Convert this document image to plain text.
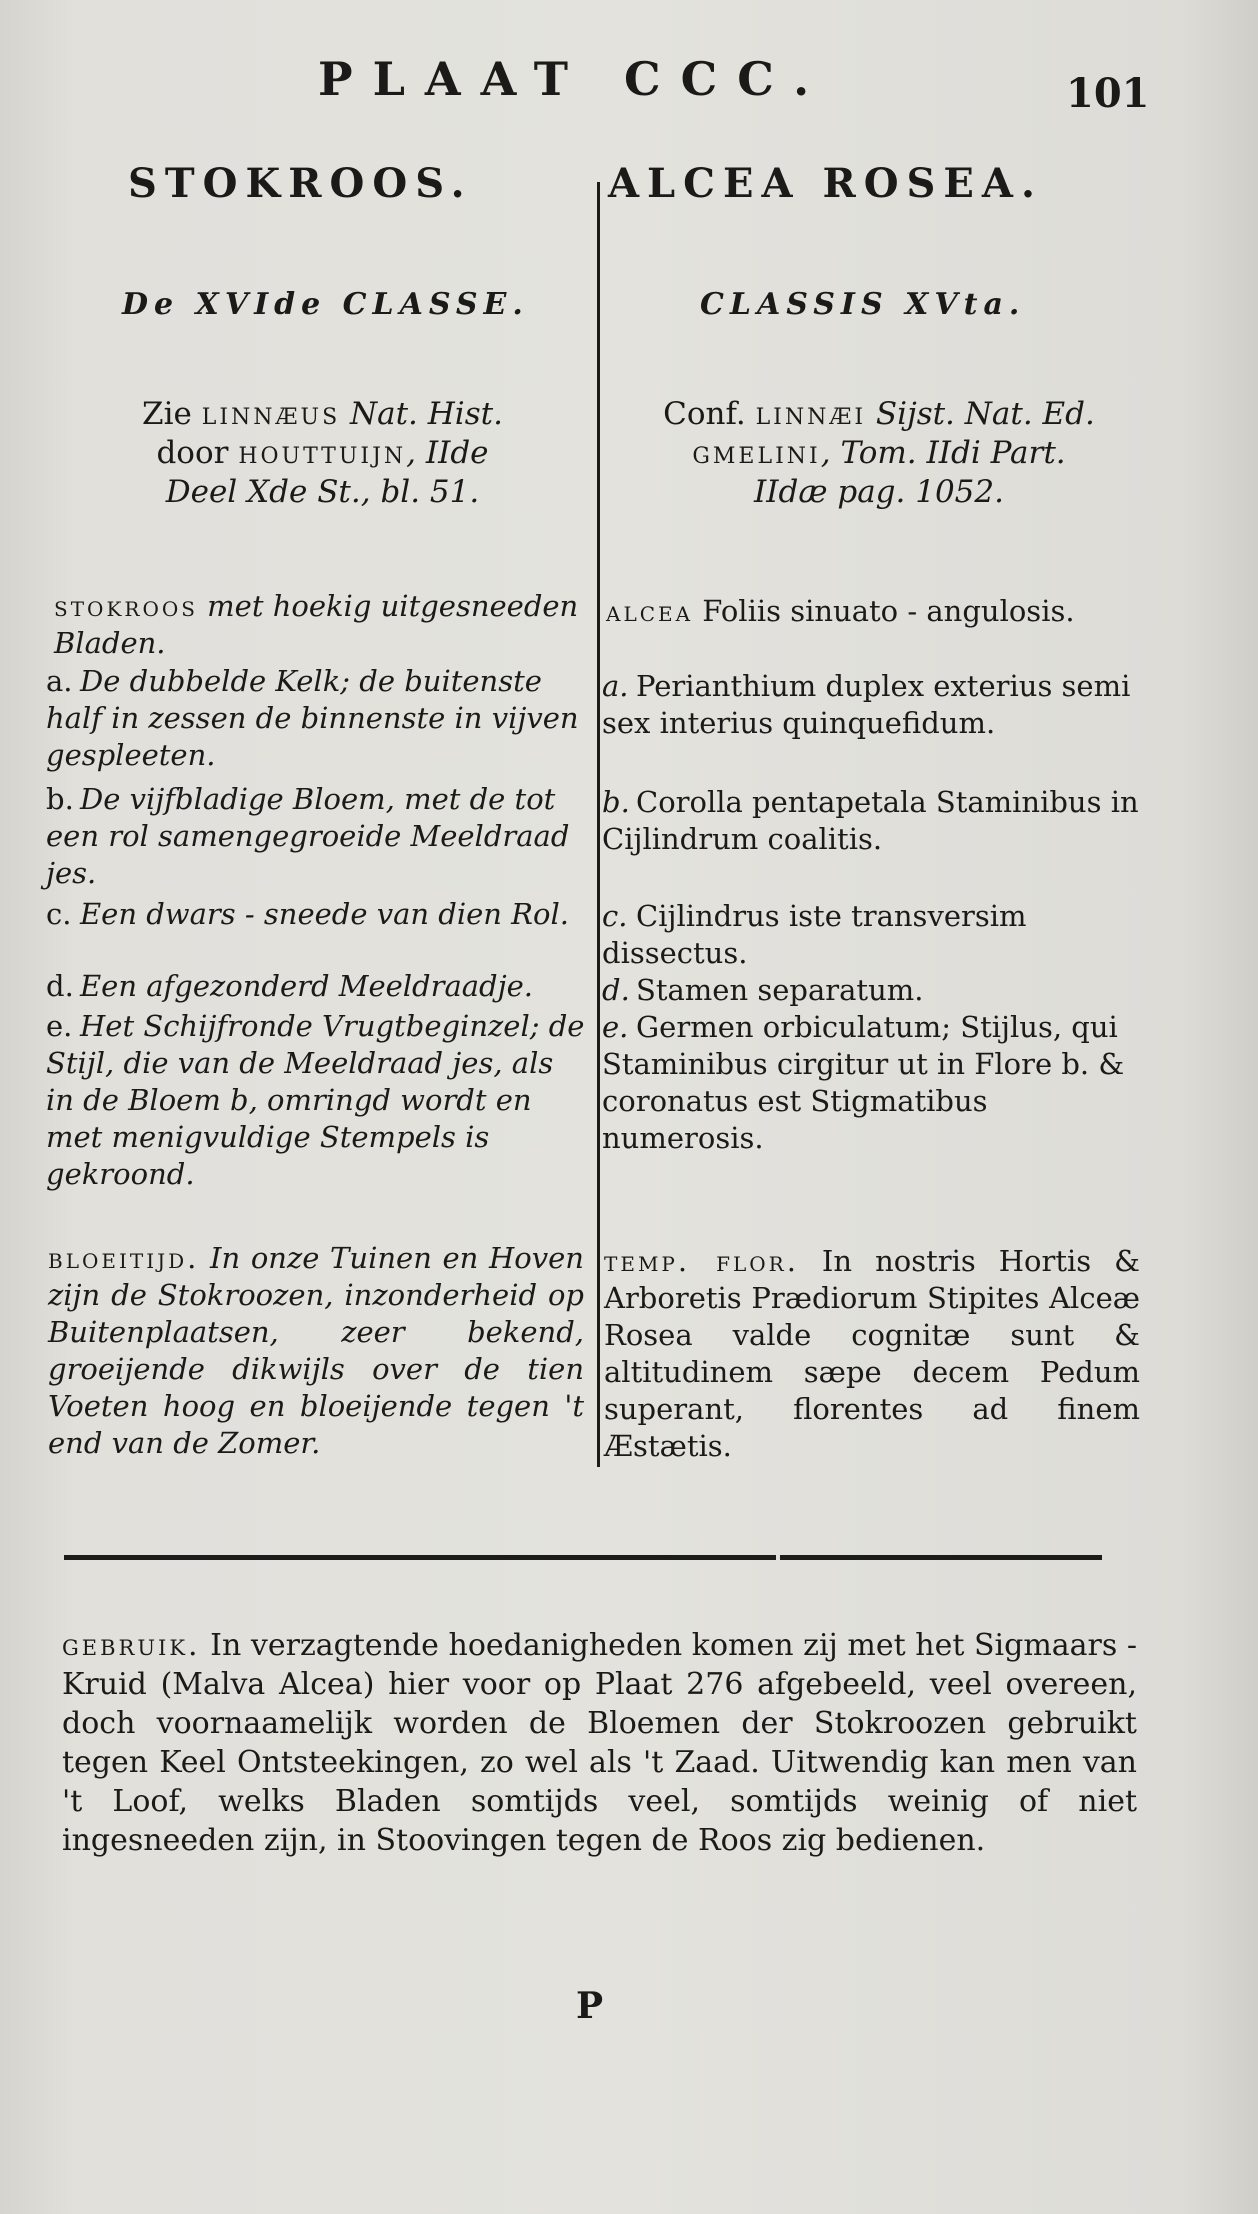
PLAAT CCC.	101
STOKROOS.
De XVIde CLASSE.
Zie linnæus Nat. Hist.
door houttuijn, IIde
Deel Xde St., bl. 51.
stokroos met hoekig uitgesneeden Bladen.
a. De dubbelde Kelk; de buitenste half in zessen de binnenste in vijven gespleeten.
b. De vijfbladige Bloem, met de tot een rol samengegroeide Meeldraad jes.
c. Een dwars - sneede van dien Rol.
d. Een afgezonderd Meeldraadje.
e. Het Schijfronde Vrugtbeginzel; de Stijl, die van de Meeldraad jes, als in de Bloem b, omringd wordt en met menigvuldige Stempels is gekroond.
bloeitijd. In onze Tuinen en Hoven zijn de Stokroozen, inzonderheid op Buitenplaatsen, zeer bekend, groeijende dikwijls over de tien Voeten hoog en bloeijende tegen 't end van de Zomer.
ALCEA ROSEA.
CLASSIS XVta.
Conf. linnæi Sijst. Nat. Ed.
gmelini, Tom. IIdi Part.
IIdæ pag. 1052.
alcea Foliis sinuato - angulosis.
a. Perianthium duplex exterius semi sex interius quinquefidum.
b. Corolla pentapetala Staminibus in Cijlindrum coalitis.
c. Cijlindrus iste transversim dissectus.
d. Stamen separatum.
e. Germen orbiculatum; Stijlus, qui Staminibus cirgitur ut in Flore b. & coronatus est Stigmatibus numerosis.
temp. flor. In nostris Hortis & Arboretis Prædiorum Stipites Alceæ Rosea valde cognitæ sunt & altitudinem sæpe decem Pedum superant, florentes ad finem Æstætis.
gebruik. In verzagtende hoedanigheden komen zij met het Sigmaars - Kruid (Malva Alcea) hier voor op Plaat 276 afgebeeld, veel overeen, doch voornaamelijk worden de Bloemen der Stokroozen gebruikt tegen Keel Ontsteekingen, zo wel als 't Zaad. Uitwendig kan men van 't Loof, welks Bladen somtijds veel, somtijds weinig of niet ingesneeden zijn, in Stoovingen tegen de Roos zig bedienen.
P
